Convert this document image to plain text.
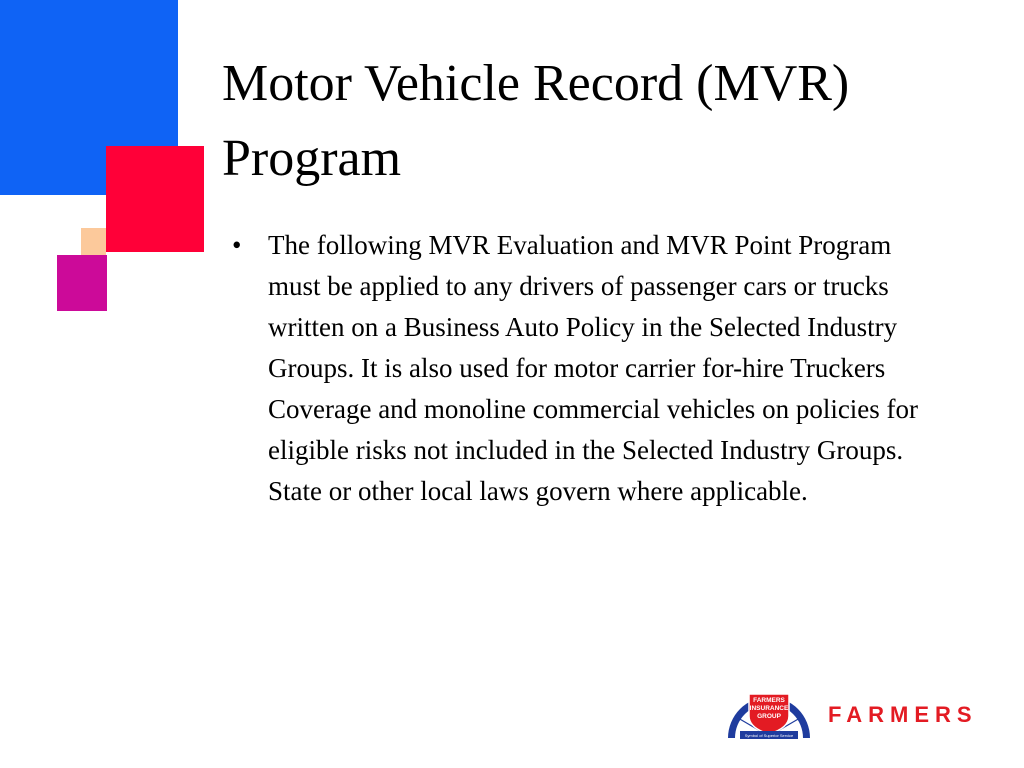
Motor Vehicle Record (MVR) Program
• The following MVR Evaluation and MVR Point Program must be applied to any drivers of passenger cars or trucks written on a Business Auto Policy in the Selected Industry Groups. It is also used for motor carrier for-hire Truckers Coverage and monoline commercial vehicles on policies for eligible risks not included in the Selected Industry Groups. State or other local laws govern where applicable.
FARMERS
INSURANCE
GROUP
Symbol of Superior Service
FARMERS
